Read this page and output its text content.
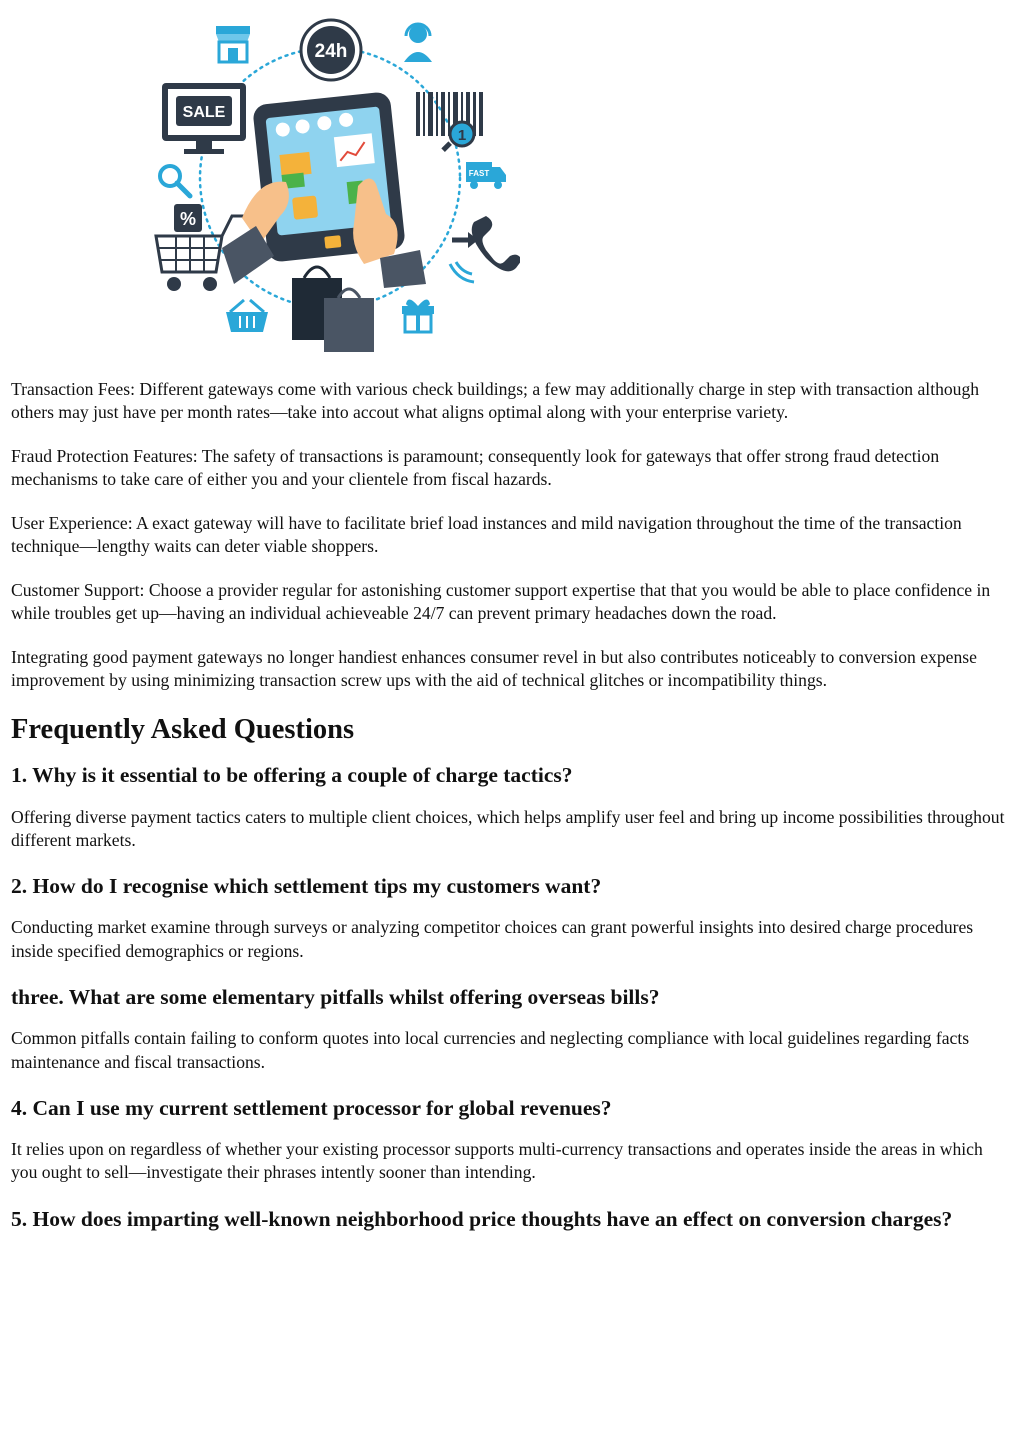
24h
SALE
1
FAST
%

Transaction Fees: Different gateways come with various check buildings; a few may additionally charge in step with transaction although others may just have per month rates—take into accout what aligns optimal along with your enterprise variety.

Fraud Protection Features: The safety of transactions is paramount; consequently look for gateways that offer strong fraud detection mechanisms to take care of either you and your clientele from fiscal hazards.

User Experience: A exact gateway will have to facilitate brief load instances and mild navigation throughout the time of the transaction technique—lengthy waits can deter viable shoppers.

Customer Support: Choose a provider regular for astonishing customer support expertise that that you would be able to place confidence in while troubles get up—having an individual achieveable 24/7 can prevent primary headaches down the road.

Integrating good payment gateways no longer handiest enhances consumer revel in but also contributes noticeably to conversion expense improvement by using minimizing transaction screw ups with the aid of technical glitches or incompatibility things.

Frequently Asked Questions
1. Why is it essential to be offering a couple of charge tactics?

Offering diverse payment tactics caters to multiple client choices, which helps amplify user feel and bring up income possibilities throughout different markets.

2. How do I recognise which settlement tips my customers want?

Conducting market examine through surveys or analyzing competitor choices can grant powerful insights into desired charge procedures inside specified demographics or regions.

three. What are some elementary pitfalls whilst offering overseas bills?

Common pitfalls contain failing to conform quotes into local currencies and neglecting compliance with local guidelines regarding facts maintenance and fiscal transactions.

4. Can I use my current settlement processor for global revenues?

It relies upon on regardless of whether your existing processor supports multi-currency transactions and operates inside the areas in which you ought to sell—investigate their phrases intently sooner than intending.

5. How does imparting well-known neighborhood price thoughts have an effect on conversion charges?
